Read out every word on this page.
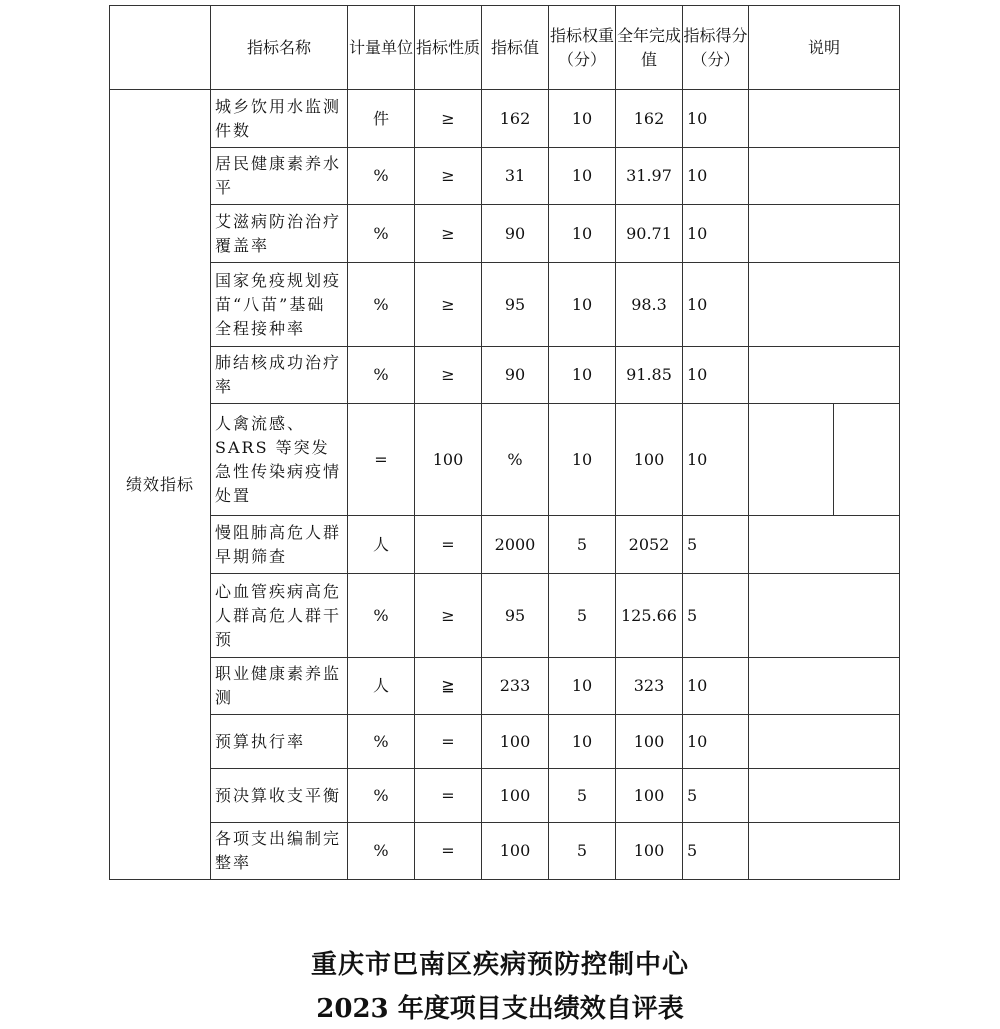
	指标名称	计量单位	指标性质	指标值	指标权重（分）	全年完成值	指标得分（分）	说明
绩效指标	城乡饮用水监测件数	件	≥	162	10	162	10	
	居民健康素养水平	%	≥	31	10	31.97	10	
	艾滋病防治治疗覆盖率	%	≥	90	10	90.71	10	
	国家免疫规划疫苗“八苗”基础全程接种率	%	≥	95	10	98.3	10	
	肺结核成功治疗率	%	≥	90	10	91.85	10	
	人禽流感、SARS 等突发急性传染病疫情处置	=	100	%	10	100	10	

	慢阻肺高危人群早期筛查	人	=	2000	5	2052	5	
	心血管疾病高危人群高危人群干预	%	≥	95	5	125.66	5	
	职业健康素养监测	人	≧	233	10	323	10	
	预算执行率	%	=	100	10	100	10	
	预决算收支平衡	%	=	100	5	100	5	
	各项支出编制完整率	%	=	100	5	100	5	
重庆市巴南区疾病预防控制中心
2023 年度项目支出绩效自评表
